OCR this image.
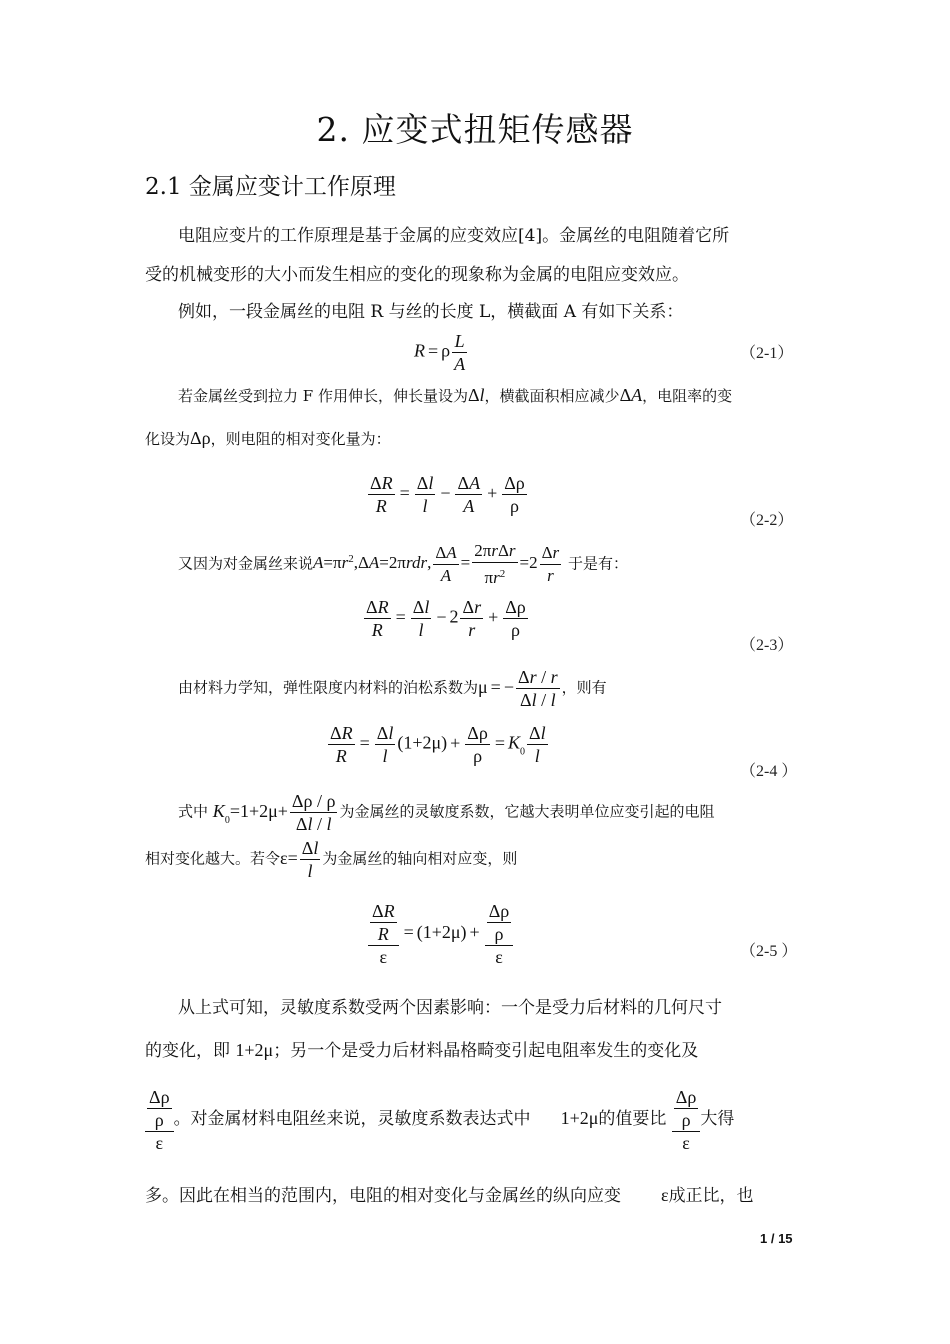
2. 应变式扭矩传感器
2.1 金属应变计工作原理
电阻应变片的工作原理是基于金属的应变效应[4]。金属丝的电阻随着它所
受的机械变形的大小而发生相应的变化的现象称为金属的电阻应变效应。
例如，一段金属丝的电阻 R 与丝的长度 L，横截面 A 有如下关系：
R = ρ $\frac{L}{A}$	（2-1）
若金属丝受到拉力 F 作用伸长，伸长量设为Δl，横截面积相应减少ΔA，电阻率的变
化设为Δρ，则电阻的相对变化量为：
$\frac{\Delta R}{R} = \frac{\Delta l}{l} - \frac{\Delta A}{A} + \frac{\Delta\rho}{\rho}$
（2-2）
又因为对金属丝来说$A=\pi r^2,\Delta A=2\pi rdr$, $\frac{\Delta A}{A} = \frac{\text{2πrΔr}}{\pi r^2} =2 \frac{\Delta r}{r}$ 于是有：
$\frac{\Delta R}{R} = \frac{\Delta l}{l} - 2 \frac{\Delta r}{r} + \frac{\Delta\rho}{\rho}$
（2-3）
由材料力学知，弹性限度内材料的泊松系数为μ = − $\frac{\Delta r / r}{\Delta l / l}$ ，则有
$\frac{\Delta R}{R} = \frac{\Delta l}{l} (1+2\mu) + \frac{\Delta\rho}{\rho} = K_0 \frac{\Delta l}{l}$
（2-4 ）
式中 $K_0=1+2\mu+ \frac{\Delta\rho / \rho}{\Delta l / l}$ 为金属丝的灵敏度系数，它越大表明单位应变引起的电阻
相对变化越大。若令$\varepsilon= \frac{\Delta l}{l}$ 为金属丝的轴向相对应变，则
$\frac{\frac{\Delta R}{R}}{\varepsilon} = (1+2\mu) + \frac{\frac{\Delta\rho}{\rho}}{\varepsilon}$	（2-5 ）
从上式可知，灵敏度系数受两个因素影响：一个是受力后材料的几何尺寸
的变化，即 1+2μ；另一个是受力后材料晶格畸变引起电阻率发生的变化及
$\frac{\frac{\Delta\rho}{\rho}}{\varepsilon}$ 。对金属材料电阻丝来说，灵敏度系数表达式中 1+2μ的值要比 $\frac{\frac{\Delta\rho}{\rho}}{\varepsilon}$ 大得
多。因此在相当的范围内，电阻的相对变化与金属丝的纵向应变 ε成正比，也
1 / 15
